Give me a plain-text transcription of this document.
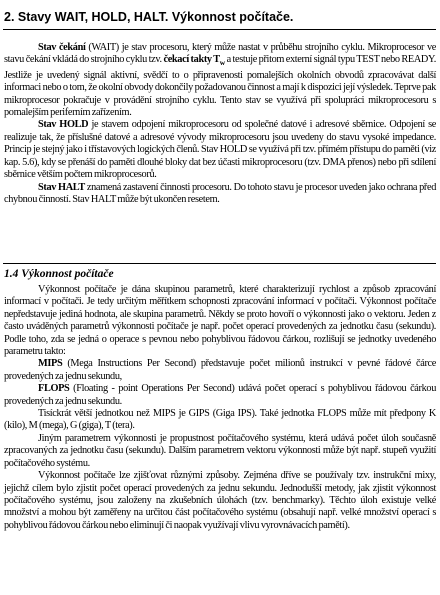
2. Stavy WAIT, HOLD, HALT. Výkonnost počítače.

Stav čekání (WAIT) je stav procesoru, který může nastat v průběhu strojního cyklu. Mikroprocesor ve stavu čekání vkládá do strojního cyklu tzv. čekací takty $T_w$ a testuje přitom externí signál typu TEST nebo READY. Jestliže je uvedený signál aktivní, svědčí to o připravenosti pomalejších okolních obvodů zpracovávat další informaci nebo o tom, že okolní obvody dokončily požadovanou činnost a mají k dispozici její výsledek. Teprve pak mikroprocesor pokračuje v provádění strojního cyklu. Tento stav se využívá při spolupráci mikroprocesoru s pomalejším periferním zařízením.

Stav HOLD je stavem odpojení mikroprocesoru od společné datové i adresové sběrnice. Odpojení se realizuje tak, že příslušné datové a adresové vývody mikroprocesoru jsou uvedeny do stavu vysoké impedance. Princip je stejný jako i třístavových logických členů. Stav HOLD se využívá při tzv. přímém přístupu do paměti (viz kap. 5.6), kdy se přenáší do paměti dlouhé bloky dat bez účasti mikroprocesoru (tzv. DMA přenos) nebo při sdílení sběrnice větším počtem mikroprocesorů.

Stav HALT znamená zastavení činnosti procesoru. Do tohoto stavu je procesor uveden jako ochrana před chybnou činností. Stav HALT může být ukončen resetem.

1.4 Výkonnost počítače

Výkonnost počítače je dána skupinou parametrů, které charakterizují rychlost a způsob zpracování informací v počítači. Je tedy určitým měřítkem schopnosti zpracování informací v počítači. Výkonnost počítače nepředstavuje jediná hodnota, ale skupina parametrů. Někdy se proto hovoří o výkonnosti jako o vektoru. Jeden z často uváděných parametrů výkonnosti počítače je např. počet operací provedených za jednotku času (sekundu). Podle toho, zda se jedná o operace s pevnou nebo pohyblivou řádovou čárkou, rozlišují se jednotky uvedeného parametru takto:

MIPS (Mega Instructions Per Second) představuje počet milionů instrukcí v pevné řádové čárce provedených za jednu sekundu,

FLOPS (Floating - point Operations Per Second) udává počet operací s pohyblivou řádovou čárkou provedených za jednu sekundu.

Tisíckrát větší jednotkou než MIPS je GIPS (Giga IPS). Také jednotka FLOPS může mít předpony K (kilo), M (mega), G (giga), T (tera).

Jiným parametrem výkonnosti je propustnost počítačového systému, která udává počet úloh současně zpracovaných za jednotku času (sekundu). Dalším parametrem vektoru výkonnosti může být např. stupeň využití počítačového systému.

Výkonnost počítače lze zjišťovat různými způsoby. Zejména dříve se používaly tzv. instrukční mixy, jejichž cílem bylo zjistit počet operací provedených za jednu sekundu. Jednodušší metody, jak zjistit výkonnost počítačového systému, jsou založeny na zkušebních úlohách (tzv. benchmarky). Těchto úloh existuje velké množství a mohou být zaměřeny na určitou část počítačového systému (obsahují např. velké množství operací s pohyblivou řádovou čárkou nebo eliminují či naopak využívají vlivu vyrovnávacích pamětí).
